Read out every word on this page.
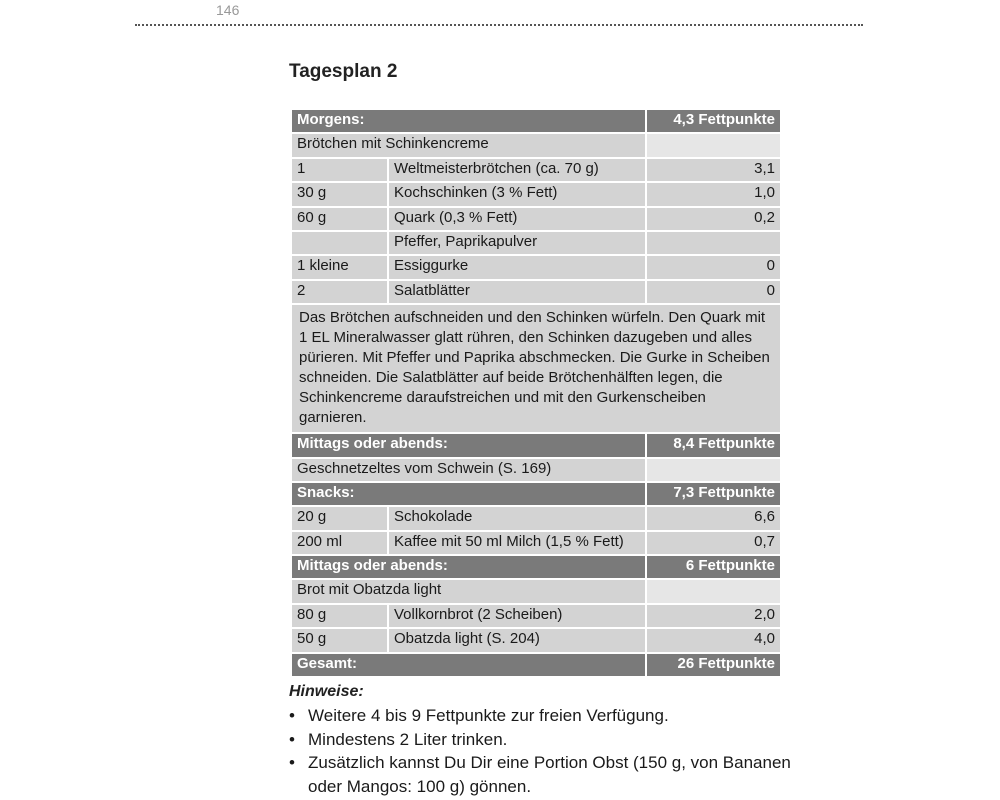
146
Tagesplan 2
Morgens:		4,3 Fettpunkte
Brötchen mit Schinkencreme		
1	Weltmeisterbrötchen (ca. 70 g)	3,1
30 g	Kochschinken (3 % Fett)	1,0
60 g	Quark (0,3 % Fett)	0,2
	Pfeffer, Paprikapulver	
1 kleine	Essiggurke	0
2	Salatblätter	0
Das Brötchen aufschneiden und den Schinken würfeln. Den Quark mit 1 EL Mineralwasser glatt rühren, den Schinken dazugeben und alles pürieren. Mit Pfeffer und Paprika abschmecken. Die Gurke in Scheiben schneiden. Die Salatblätter auf beide Brötchenhälften legen, die Schinkencreme daraufstreichen und mit den Gurkenscheiben garnieren.		
Mittags oder abends:		8,4 Fettpunkte
Geschnetzeltes vom Schwein (S. 169)		
Snacks:		7,3 Fettpunkte
20 g	Schokolade	6,6
200 ml	Kaffee mit 50 ml Milch (1,5 % Fett)	0,7
Mittags oder abends:		6 Fettpunkte
Brot mit Obatzda light		
80 g	Vollkornbrot (2 Scheiben)	2,0
50 g	Obatzda light (S. 204)	4,0
Gesamt:		26 Fettpunkte
Hinweise:
• Weitere 4 bis 9 Fettpunkte zur freien Verfügung.
• Mindestens 2 Liter trinken.
• Zusätzlich kannst Du Dir eine Portion Obst (150 g, von Bananen oder Mangos: 100 g) gönnen.
